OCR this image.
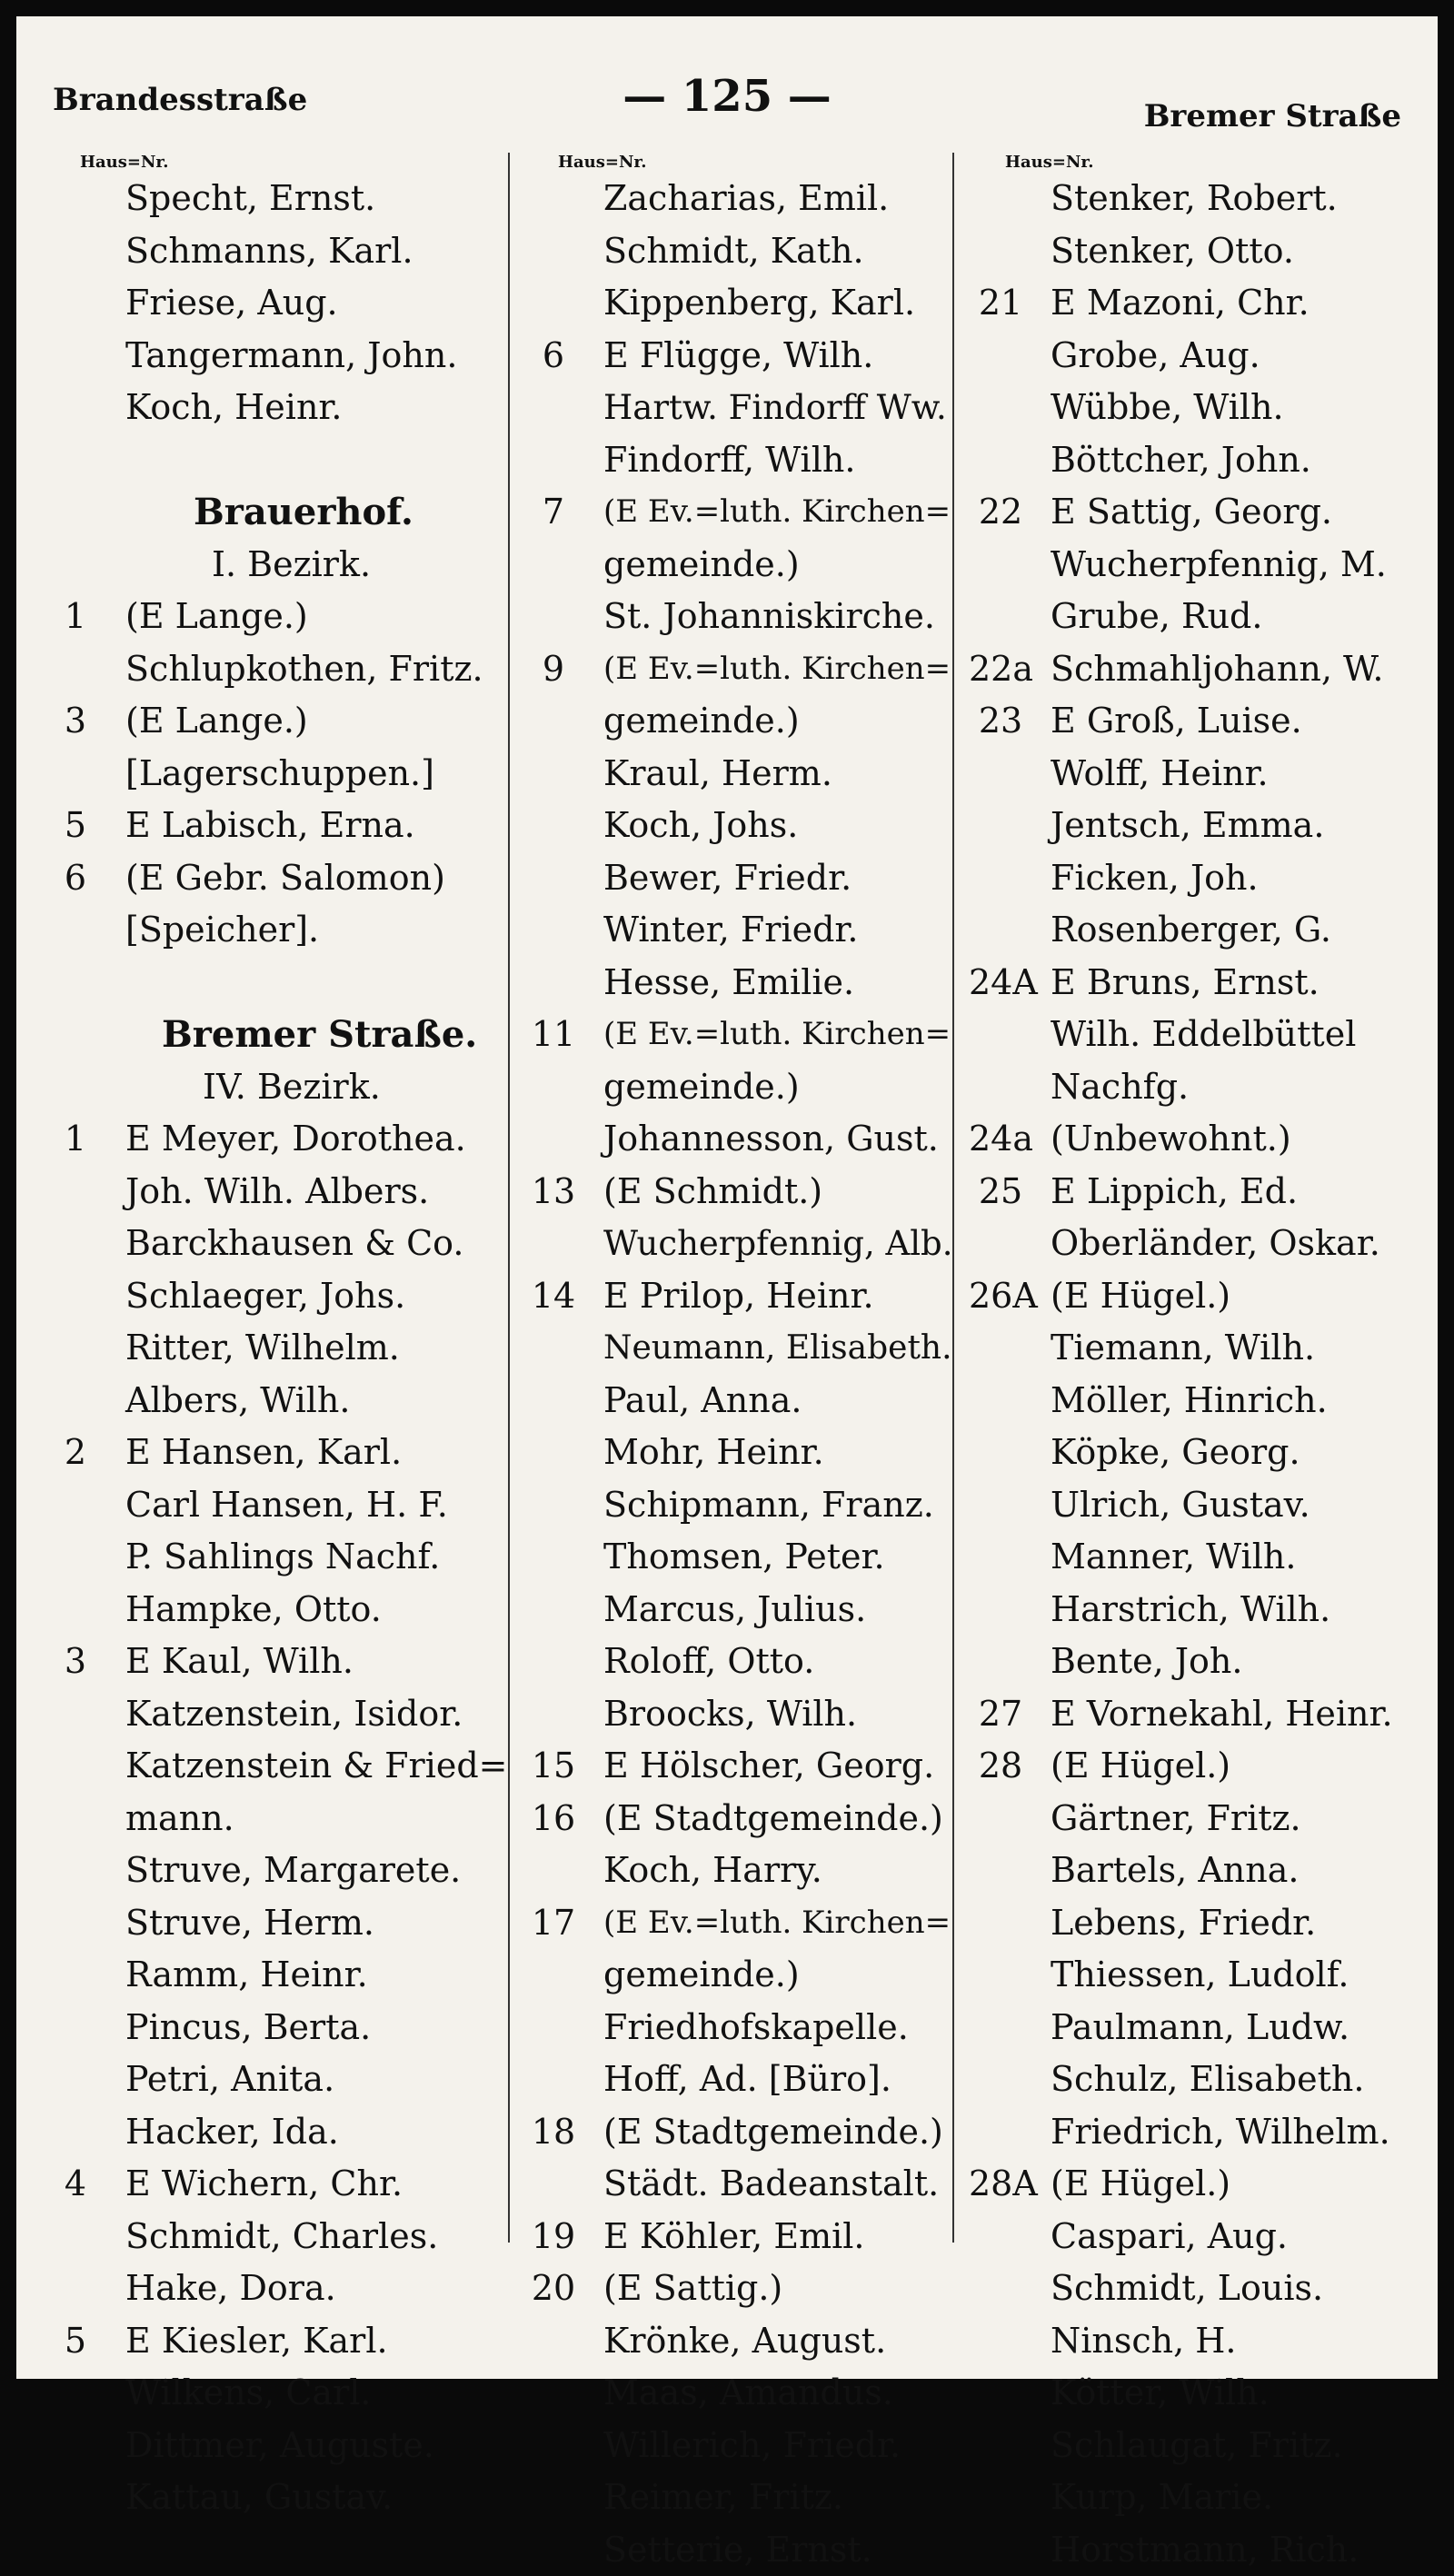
Brandesstraße	— 125 —	Bremer Straße
Haus=Nr.
Specht, Ernst.
Schmanns, Karl.
Friese, Aug.
Tangermann, John.
Koch, Heinr.
Brauerhof.
I. Bezirk.
1	(E Lange.)
Schlupkothen, Fritz.
3	(E Lange.)
[Lagerschuppen.]
5	E Labisch, Erna.
6	(E Gebr. Salomon)
[Speicher].
Bremer Straße.
IV. Bezirk.
1	E Meyer, Dorothea.
Joh. Wilh. Albers.
Barckhausen & Co.
Schlaeger, Johs.
Ritter, Wilhelm.
Albers, Wilh.
2	E Hansen, Karl.
Carl Hansen, H. F.
P. Sahlings Nachf.
Hampke, Otto.
3	E Kaul, Wilh.
Katzenstein, Isidor.
Katzenstein & Fried=
mann.
Struve, Margarete.
Struve, Herm.
Ramm, Heinr.
Pincus, Berta.
Petri, Anita.
Hacker, Ida.
4	E Wichern, Chr.
Schmidt, Charles.
Hake, Dora.
5	E Kiesler, Karl.
Wilkens, Carl.
Dittmer, Auguste.
Kattau, Gustav.
Haus=Nr.
Zacharias, Emil.
Schmidt, Kath.
Kippenberg, Karl.
6	E Flügge, Wilh.
Hartw. Findorff Ww.
Findorff, Wilh.
7	(E Ev.=luth. Kirchen=
gemeinde.)
St. Johanniskirche.
9	(E Ev.=luth. Kirchen=
gemeinde.)
Kraul, Herm.
Koch, Johs.
Bewer, Friedr.
Winter, Friedr.
Hesse, Emilie.
11 (E Ev.=luth. Kirchen=
gemeinde.)
Johannesson, Gust.
13 (E Schmidt.)
Wucherpfennig, Alb.
14 E Prilop, Heinr.
Neumann, Elisabeth.
Paul, Anna.
Mohr, Heinr.
Schipmann, Franz.
Thomsen, Peter.
Marcus, Julius.
Roloff, Otto.
Broocks, Wilh.
15 E Hölscher, Georg.
16 (E Stadtgemeinde.)
Koch, Harry.
17 (E Ev.=luth. Kirchen=
gemeinde.)
Friedhofskapelle.
Hoff, Ad. [Büro].
18 (E Stadtgemeinde.)
Städt. Badeanstalt.
19 E Köhler, Emil.
20 (E Sattig.)
Krönke, August.
Maas, Amandus.
Willerich, Friedr.
Reimer, Fritz.
Setterie, Ernst.
Haus=Nr.
Stenker, Robert.
Stenker, Otto.
21 E Mazoni, Chr.
Grobe, Aug.
Wübbe, Wilh.
Böttcher, John.
22 E Sattig, Georg.
Wucherpfennig, M.
Grube, Rud.
22a Schmahljohann, W.
23 E Groß, Luise.
Wolff, Heinr.
Jentsch, Emma.
Ficken, Joh.
Rosenberger, G.
24A E Bruns, Ernst.
Wilh. Eddelbüttel
Nachfg.
24a (Unbewohnt.)
25 E Lippich, Ed.
Oberländer, Oskar.
26A (E Hügel.)
Tiemann, Wilh.
Möller, Hinrich.
Köpke, Georg.
Ulrich, Gustav.
Manner, Wilh.
Harstrich, Wilh.
Bente, Joh.
27 E Vornekahl, Heinr.
28 (E Hügel.)
Gärtner, Fritz.
Bartels, Anna.
Lebens, Friedr.
Thiessen, Ludolf.
Paulmann, Ludw.
Schulz, Elisabeth.
Friedrich, Wilhelm.
28A (E Hügel.)
Caspari, Aug.
Schmidt, Louis.
Ninsch, H.
Kötter, Wilh.
Schlaugat, Fritz.
Kurp, Marie.
Horstmann, Rich.
